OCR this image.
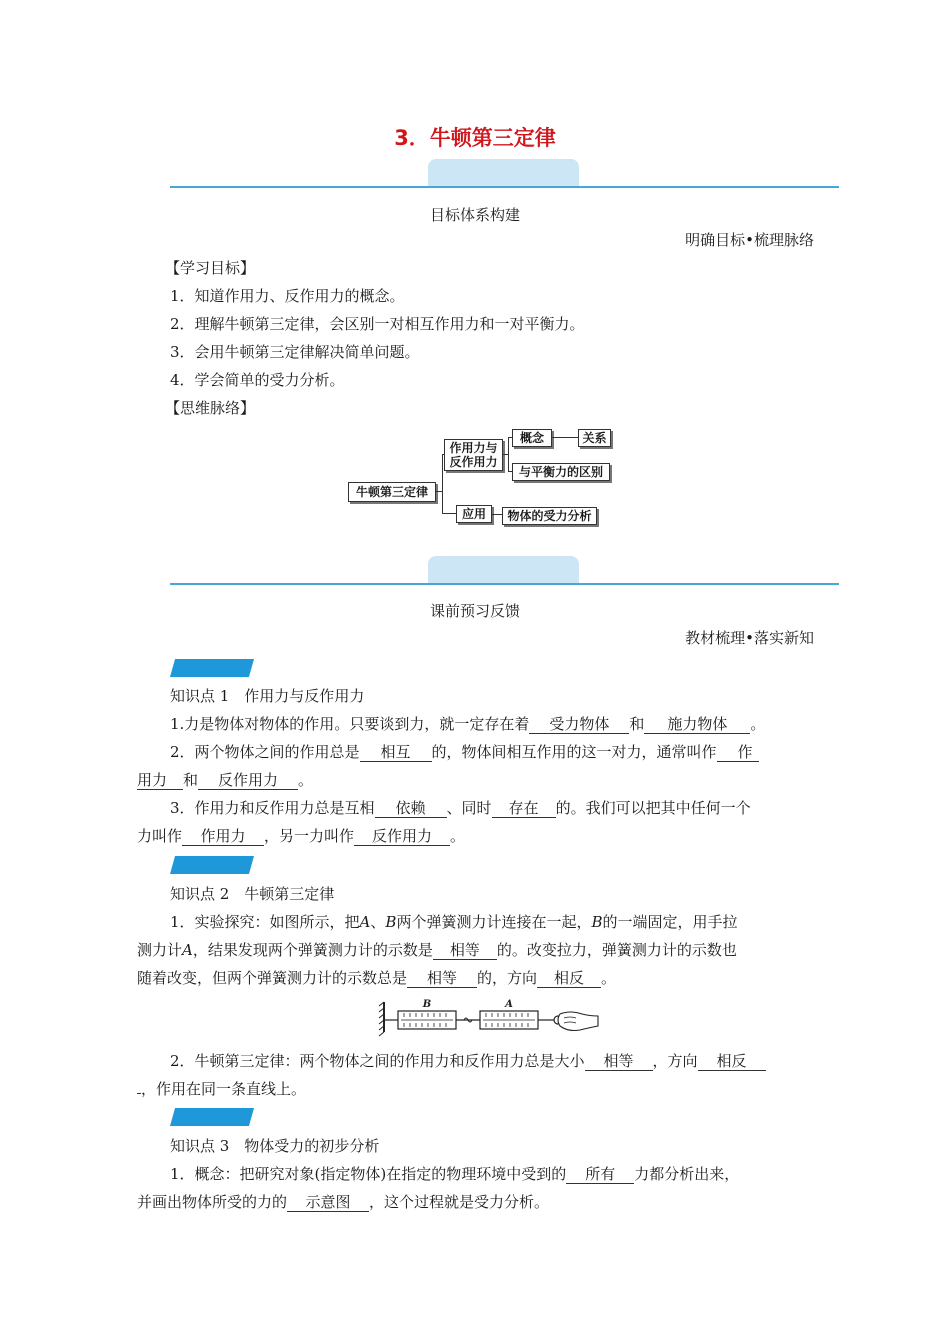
3．牛顿第三定律
目标体系构建
明确目标•梳理脉络
【学习目标】
1．知道作用力、反作用力的概念。
2．理解牛顿第三定律，会区别一对相互作用力和一对平衡力。
3．会用牛顿第三定律解决简单问题。
4．学会简单的受力分析。
【思维脉络】
牛顿第三定律
作用力与
反作用力
概念	关系
与平衡力的区别
应用	物体的受力分析
课前预习反馈
教材梳理•落实新知
知识点 1　作用力与反作用力
1.力是物体对物体的作用。只要谈到力，就一定存在着 受力物体 和 施力物体 。
2．两个物体之间的作用总是 相互 的，物体间相互作用的这一对力，通常叫作 作
用力 和 反作用力 。
3．作用力和反作用力总是互相 依赖 、同时 存在 的。我们可以把其中任何一个
力叫作 作用力 ，另一力叫作 反作用力 。
知识点 2　牛顿第三定律
1．实验探究：如图所示，把A、B两个弹簧测力计连接在一起，B的一端固定，用手拉
测力计A，结果发现两个弹簧测力计的示数是 相等 的。改变拉力，弹簧测力计的示数也
随着改变，但两个弹簧测力计的示数总是 相等 的，方向 相反 。
B	A
2．牛顿第三定律：两个物体之间的作用力和反作用力总是大小 相等 ，方向 相反
，作用在同一条直线上。
知识点 3　物体受力的初步分析
1．概念：把研究对象(指定物体)在指定的物理环境中受到的 所有 力都分析出来，
并画出物体所受的力的 示意图 ，这个过程就是受力分析。
